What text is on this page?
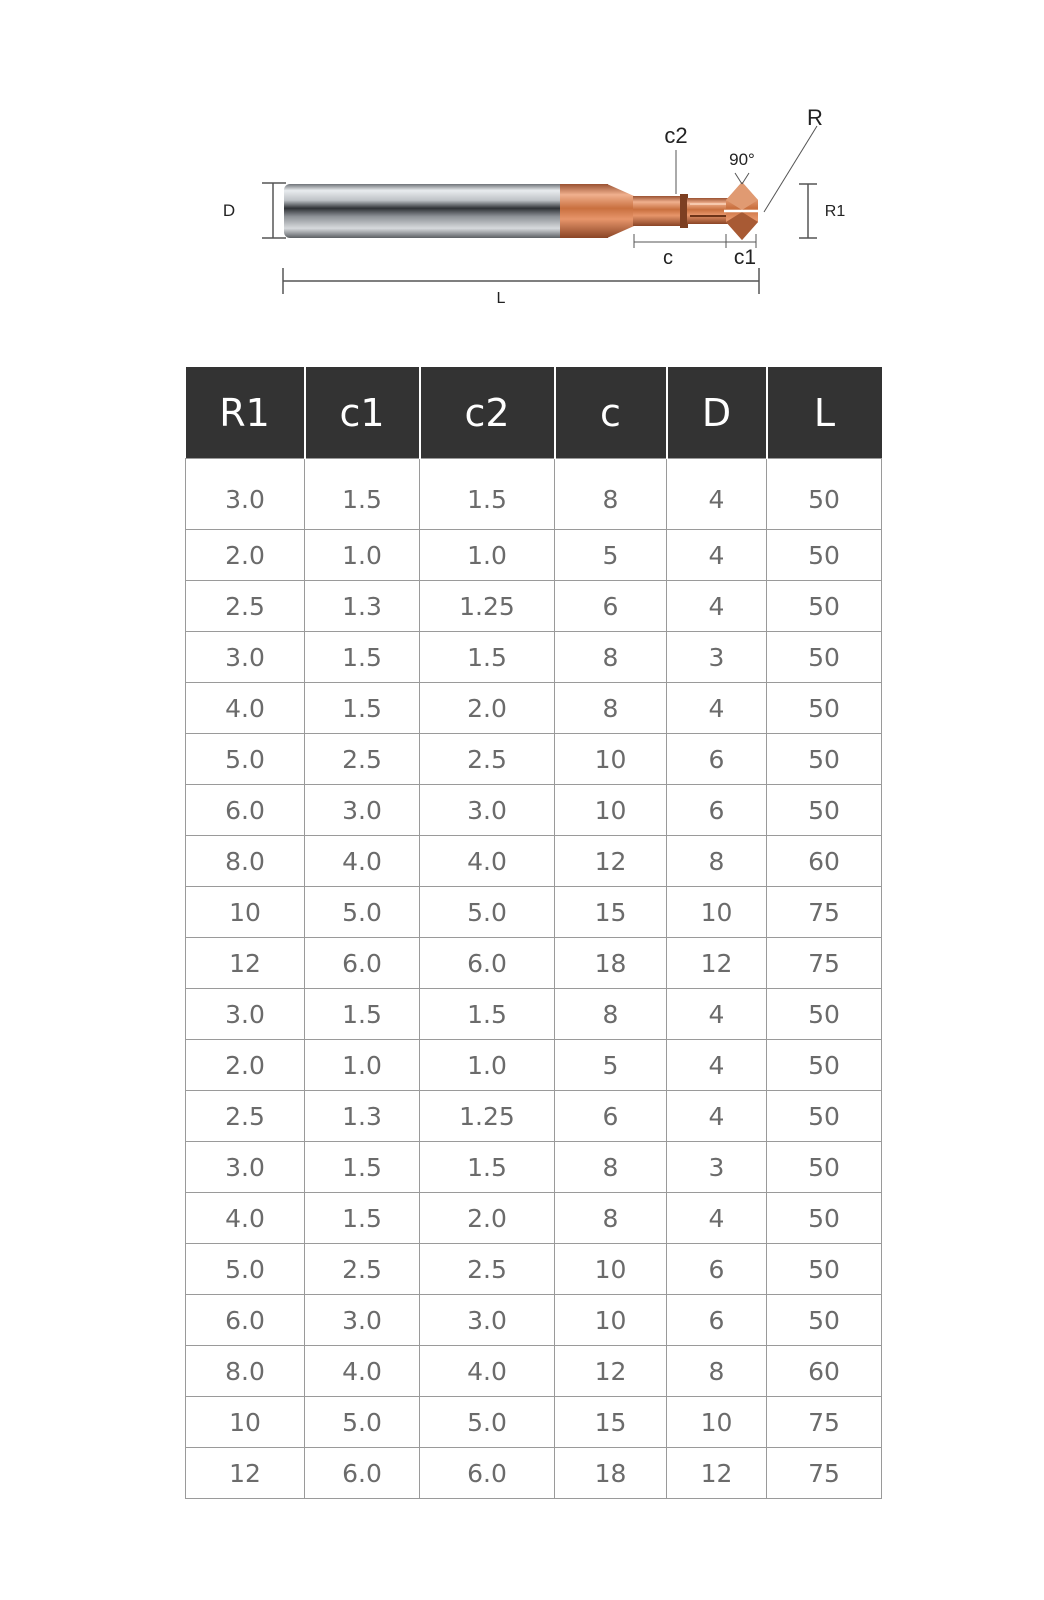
D
90°
c2
R
R1
c	c1
L
R1	c1	c2	c	D	L
3.0	1.5	1.5	8	4	50
2.0	1.0	1.0	5	4	50
2.5	1.3	1.25	6	4	50
3.0	1.5	1.5	8	3	50
4.0	1.5	2.0	8	4	50
5.0	2.5	2.5	10	6	50
6.0	3.0	3.0	10	6	50
8.0	4.0	4.0	12	8	60
10	5.0	5.0	15	10	75
12	6.0	6.0	18	12	75
3.0	1.5	1.5	8	4	50
2.0	1.0	1.0	5	4	50
2.5	1.3	1.25	6	4	50
3.0	1.5	1.5	8	3	50
4.0	1.5	2.0	8	4	50
5.0	2.5	2.5	10	6	50
6.0	3.0	3.0	10	6	50
8.0	4.0	4.0	12	8	60
10	5.0	5.0	15	10	75
12	6.0	6.0	18	12	75
